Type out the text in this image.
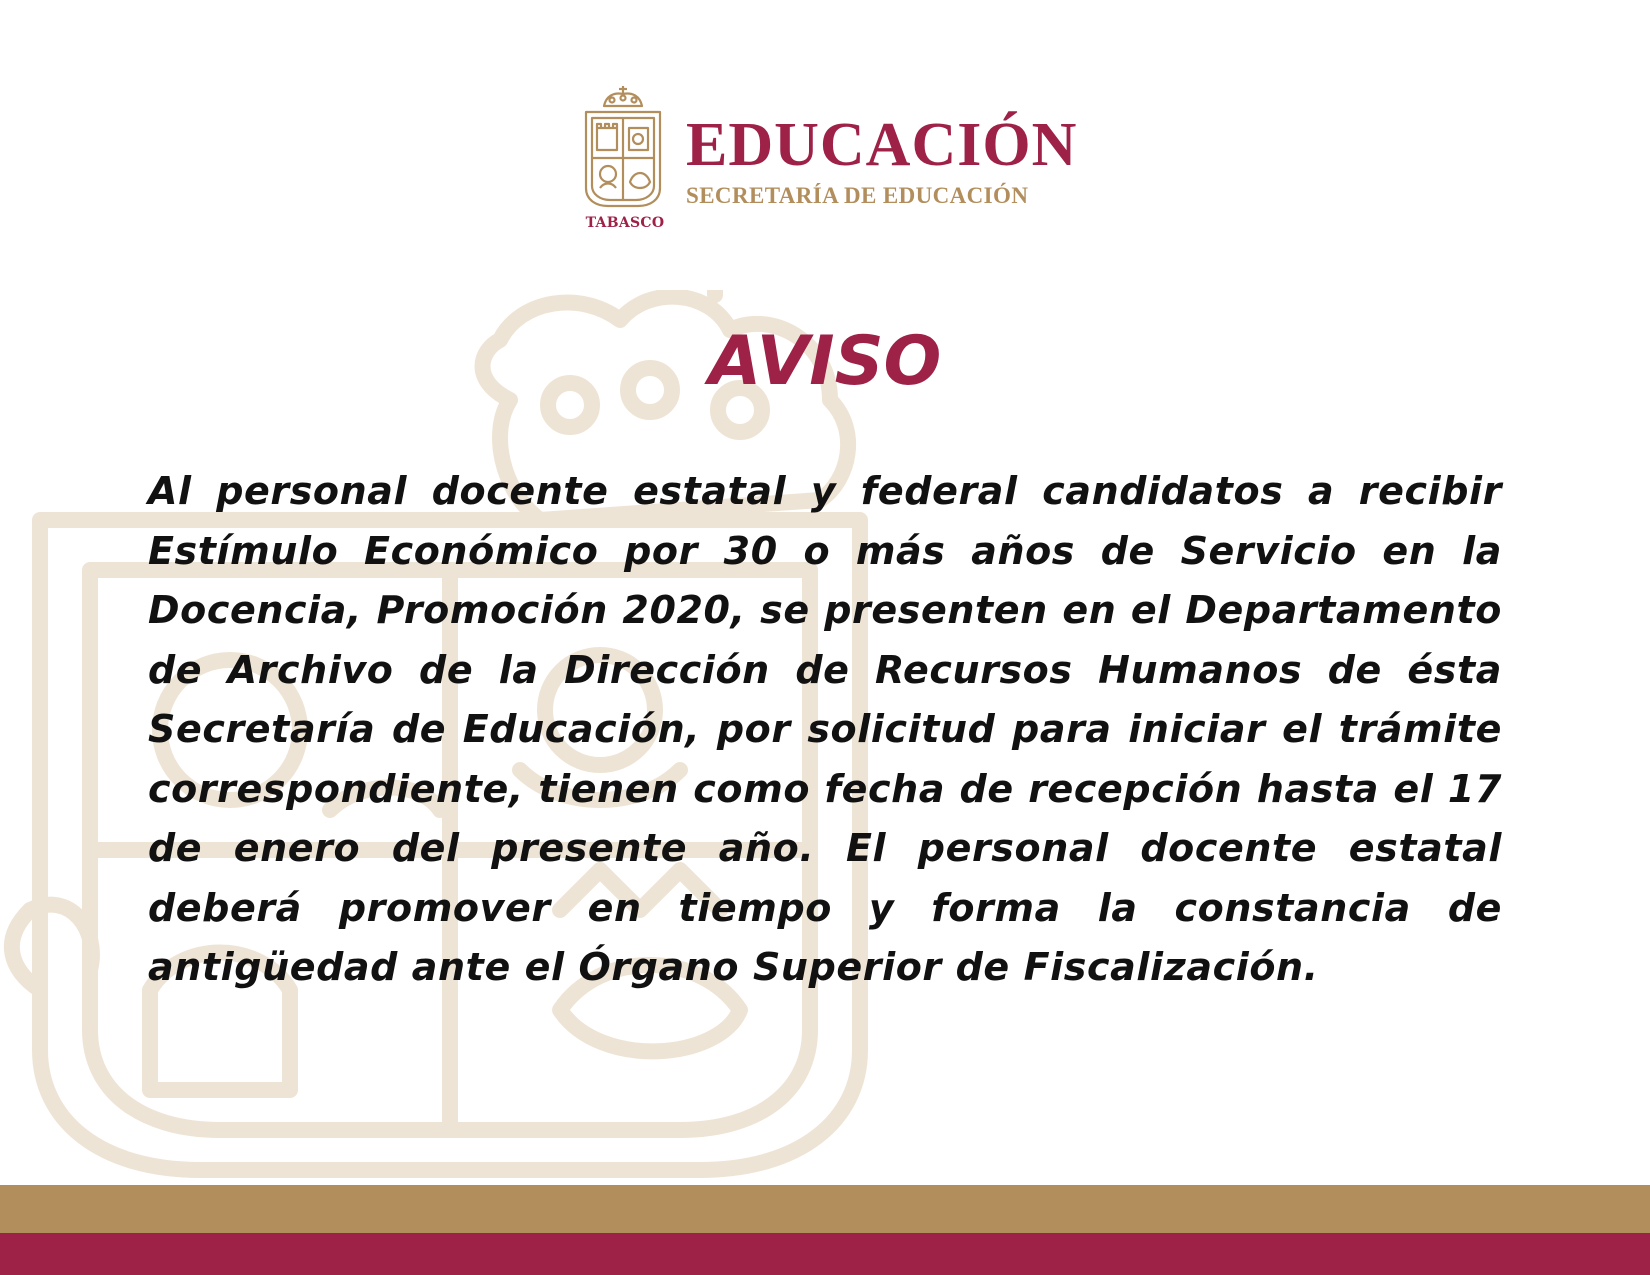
TABASCO
EDUCACIÓN
SECRETARÍA DE EDUCACIÓN
AVISO

Al personal docente estatal y federal candidatos a recibir Estímulo Económico por 30 o más años de Servicio en la Docencia, Promoción 2020, se presenten en el Departamento de Archivo de la Dirección de Recursos Humanos de ésta Secretaría de Educación, por solicitud para iniciar el trámite correspondiente, tienen como fecha de recepción hasta el 17 de enero del presente año. El personal docente estatal deberá promover en tiempo y forma la constancia de antigüedad ante el Órgano Superior de Fiscalización.
